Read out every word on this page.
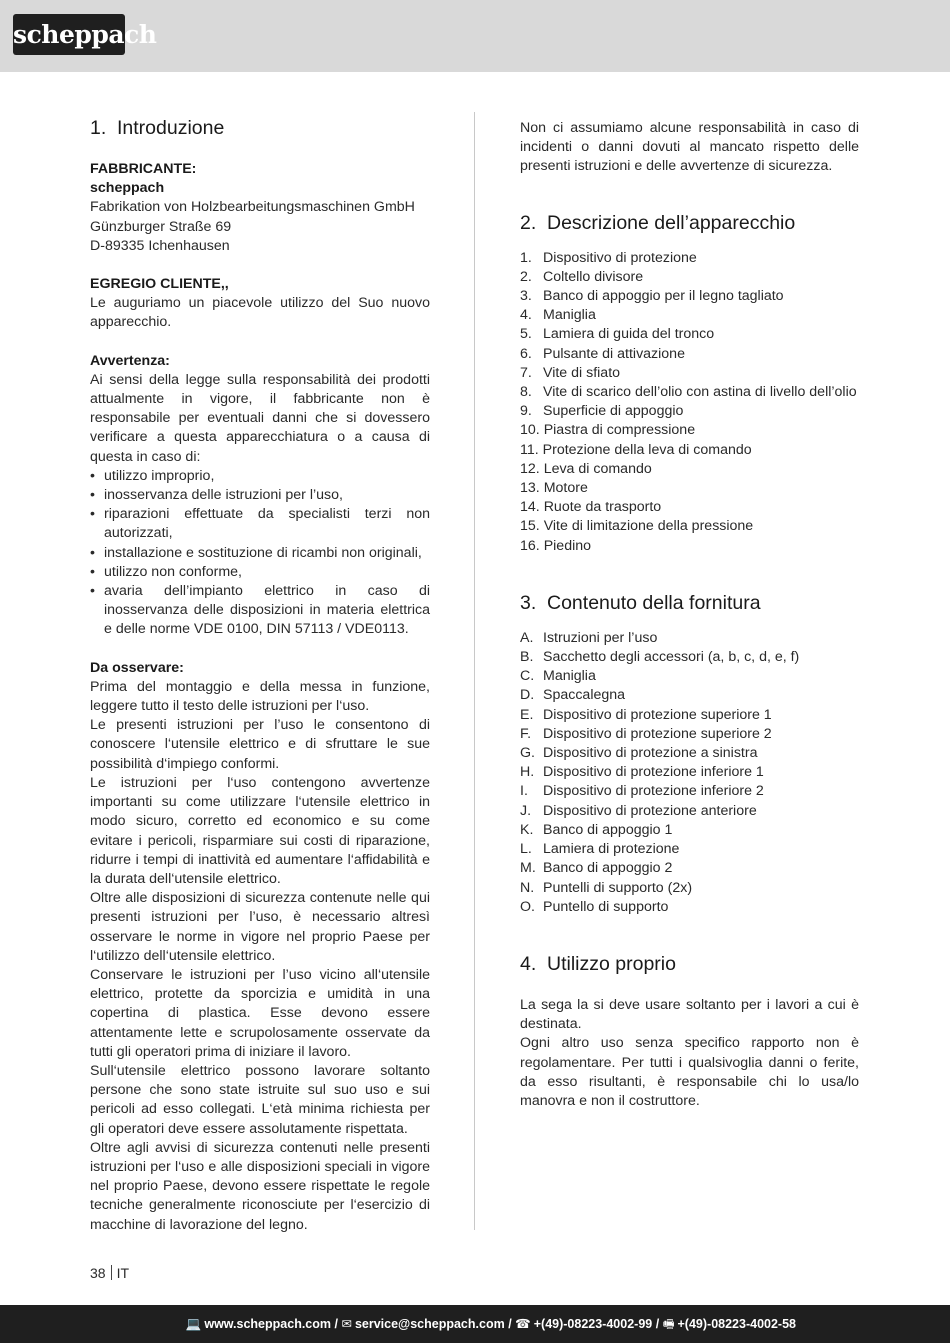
scheppach
1. Introduzione

FABBRICANTE:

scheppach

Fabrikation von Holzbearbeitungsmaschinen GmbH

Günzburger Straße 69

D-89335 Ichenhausen

EGREGIO CLIENTE,,

Le auguriamo un piacevole utilizzo del Suo nuovo apparecchio.

Avvertenza:

Ai sensi della legge sulla responsabilità dei prodotti attualmente in vigore, il fabbricante non è responsabile per eventuali danni che si dovessero verificare a questa apparecchiatura o a causa di questa in caso di:

• utilizzo improprio,
• inosservanza delle istruzioni per l’uso,
• riparazioni effettuate da specialisti terzi non autorizzati,
• installazione e sostituzione di ricambi non originali,
• utilizzo non conforme,
• avaria dell’impianto elettrico in caso di inosservanza delle disposizioni in materia elettrica e delle norme VDE 0100, DIN 57113 / VDE0113.

Da osservare:

Prima del montaggio e della messa in funzione, leggere tutto il testo delle istruzioni per l‘uso.

Le presenti istruzioni per l’uso le consentono di conoscere l‘utensile elettrico e di sfruttare le sue possibilità d‘impiego conformi.

Le istruzioni per l‘uso contengono avvertenze importanti su come utilizzare l‘utensile elettrico in modo sicuro, corretto ed economico e su come evitare i pericoli, risparmiare sui costi di riparazione, ridurre i tempi di inattività ed aumentare l‘affidabilità e la durata dell‘utensile elettrico.

Oltre alle disposizioni di sicurezza contenute nelle qui presenti istruzioni per l’uso, è necessario altresì osservare le norme in vigore nel proprio Paese per l‘utilizzo dell‘utensile elettrico.

Conservare le istruzioni per l’uso vicino all‘utensile elettrico, protette da sporcizia e umidità in una copertina di plastica. Esse devono essere attentamente lette e scrupolosamente osservate da tutti gli operatori prima di iniziare il lavoro.

Sull‘utensile elettrico possono lavorare soltanto persone che sono state istruite sul suo uso e sui pericoli ad esso collegati. L‘età minima richiesta per gli operatori deve essere assolutamente rispettata.

Oltre agli avvisi di sicurezza contenuti nelle presenti istruzioni per l‘uso e alle disposizioni speciali in vigore nel proprio Paese, devono essere rispettate le regole tecniche generalmente riconosciute per l‘esercizio di macchine di lavorazione del legno.

Non ci assumiamo alcune responsabilità in caso di incidenti o danni dovuti al mancato rispetto delle presenti istruzioni e delle avvertenze di sicurezza.

2. Descrizione dell’apparecchio
1. Dispositivo di protezione
2. Coltello divisore
3. Banco di appoggio per il legno tagliato
4. Maniglia
5. Lamiera di guida del tronco
6. Pulsante di attivazione
7. Vite di sfiato
8. Vite di scarico dell’olio con astina di livello dell’olio
9. Superficie di appoggio
10.
Piastra di compressione
11.
Protezione della leva di comando
12.
Leva di comando
13.
Motore
14.
Ruote da trasporto
15.
Vite di limitazione della pressione
16.
Piedino
3. Contenuto della fornitura
A. Istruzioni per l’uso
B. Sacchetto degli accessori (a, b, c, d, e, f)
C. Maniglia
D. Spaccalegna
E. Dispositivo di protezione superiore 1
F. Dispositivo di protezione superiore 2
G. Dispositivo di protezione a sinistra
H. Dispositivo di protezione inferiore 1
I.	Dispositivo di protezione inferiore 2
J. Dispositivo di protezione anteriore
K. Banco di appoggio 1
L. Lamiera di protezione
M. Banco di appoggio 2
N. Puntelli di supporto (2x)
O. Puntello di supporto
4. Utilizzo proprio

La sega la si deve usare soltanto per i lavori a cui è destinata.

Ogni altro uso senza specifico rapporto non è regolamentare. Per tutti i qualsivoglia danni o ferite, da esso risultanti, è responsabile chi lo usa/lo manovra e non il costruttore.

38 IT
💻 www.scheppach.com / ✉ service@scheppach.com / ☎ +(49)-08223-4002-99 / 🖷 +(49)-08223-4002-58
